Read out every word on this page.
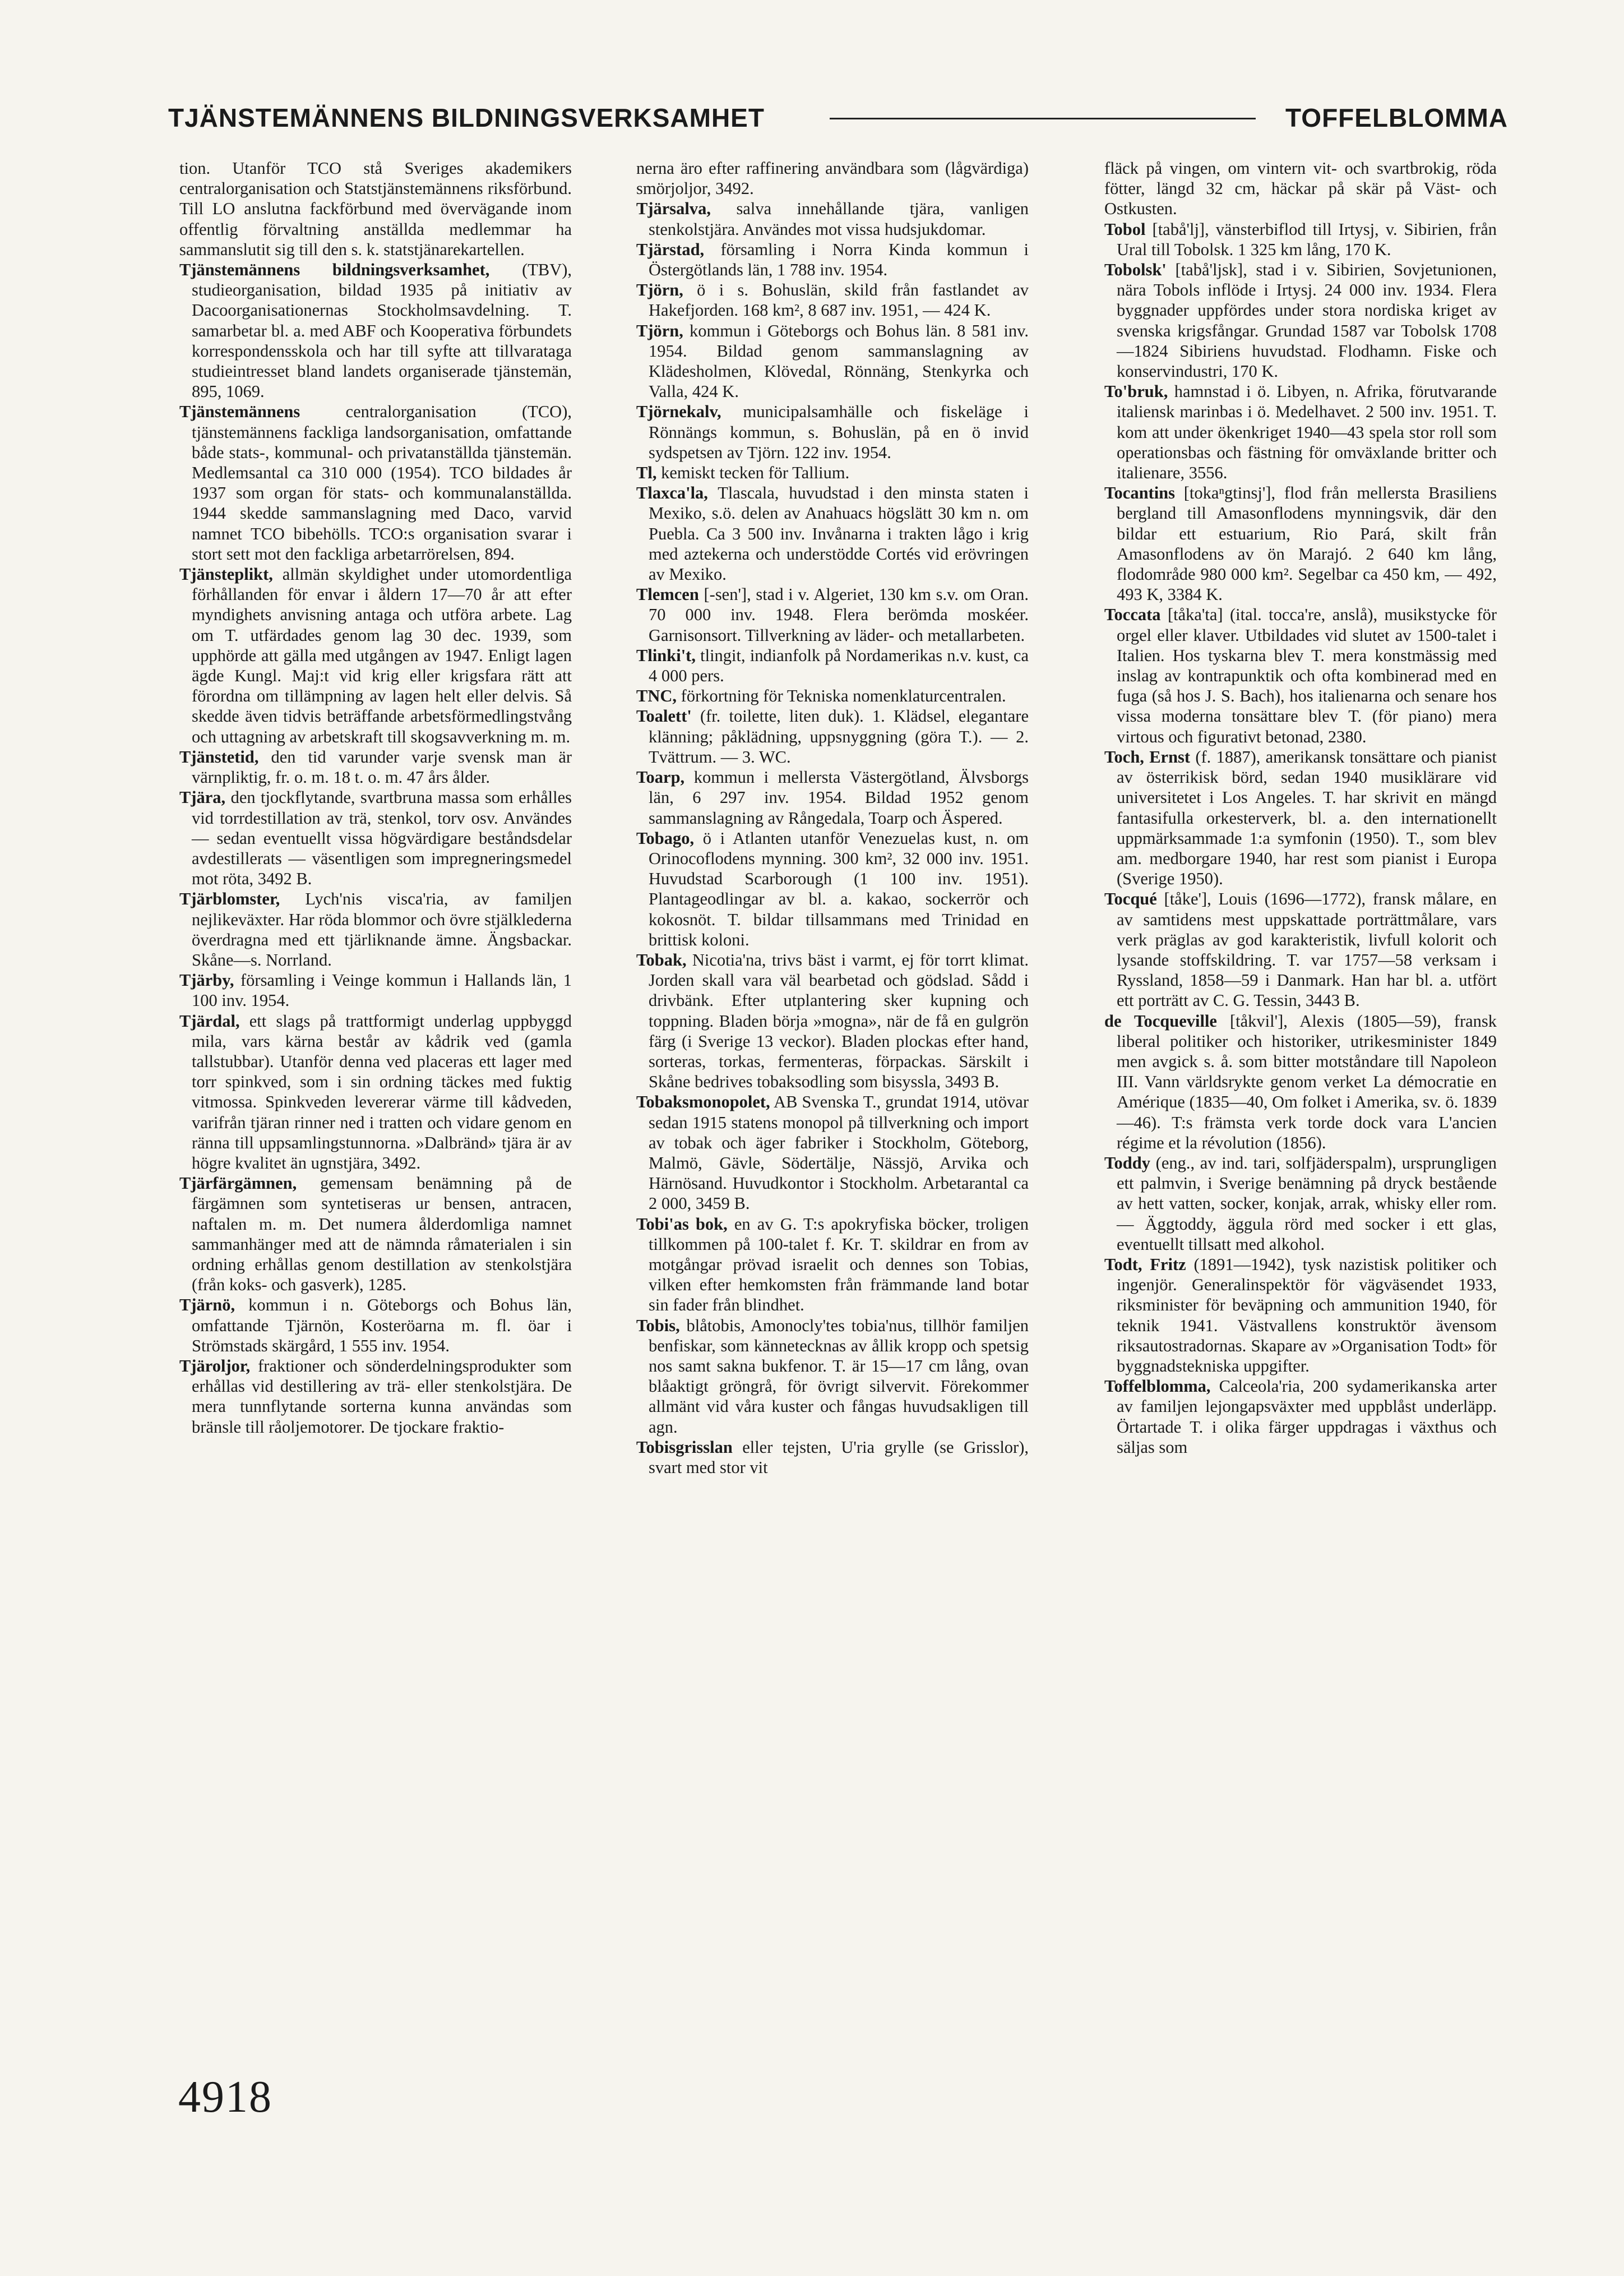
TJÄNSTEMÄNNENS BILDNINGSVERKSAMHET	TOFFELBLOMMA

tion. Utanför TCO stå Sveriges akademikers centralorganisation och Statstjänstemännens riksförbund. Till LO anslutna fackförbund med övervägande inom offentlig förvaltning anställda medlemmar ha sammanslutit sig till den s. k. statstjänarekartellen.

Tjänstemännens bildningsverksamhet, (TBV), studieorganisation, bildad 1935 på initiativ av Dacoorganisationernas Stockholmsavdelning. T. samarbetar bl. a. med ABF och Kooperativa förbundets korrespondensskola och har till syfte att tillvarataga studieintresset bland landets organiserade tjänstemän, 895, 1069.

Tjänstemännens	centralorganisation (TCO), tjänstemännens fackliga landsorganisation, omfattande både stats-, kommunal- och privatanställda tjänstemän. Medlemsantal ca 310 000 (1954). TCO bildades år 1937 som organ för stats- och kommunalanställda. 1944 skedde sammanslagning med Daco, varvid namnet TCO bibehölls. TCO:s organisation svarar i stort sett mot den fackliga arbetarrörelsen, 894.

Tjänsteplikt, allmän skyldighet under utomordentliga förhållanden för envar i åldern 17—70 år att efter myndighets anvisning antaga och utföra arbete. Lag om T. utfärdades genom lag 30 dec. 1939, som upphörde att gälla med utgången av 1947. Enligt lagen ägde Kungl. Maj:t vid krig eller krigsfara rätt att förordna om tillämpning av lagen helt eller delvis. Så skedde även tidvis beträffande arbetsförmedlingstvång och uttagning av arbetskraft till skogsavverkning m. m.

Tjänstetid, den tid varunder varje svensk man är värnpliktig, fr. o. m. 18 t. o. m. 47 års ålder.

Tjära, den tjockflytande, svartbruna massa som erhålles vid torrdestillation av trä, stenkol, torv osv. Användes — sedan eventuellt vissa högvärdigare beståndsdelar avdestillerats — väsentligen som impregneringsmedel mot röta, 3492 B.

Tjärblomster, Lych'nis visca'ria, av familjen nejlikeväxter. Har röda blommor och övre stjälklederna överdragna med ett tjärliknande ämne. Ängsbackar. Skåne—s. Norrland.

Tjärby, församling i Veinge kommun i Hallands län, 1 100 inv. 1954.

Tjärdal, ett slags på trattformigt underlag uppbyggd mila, vars kärna består av kådrik ved (gamla tallstubbar). Utanför denna ved placeras ett lager med torr spinkved, som i sin ordning täckes med fuktig vitmossa. Spinkveden levererar värme till kådveden, varifrån tjäran rinner ned i tratten och vidare genom en ränna till uppsamlingstunnorna. »Dalbränd» tjära är av högre kvalitet än ugnstjära, 3492.

Tjärfärgämnen, gemensam benämning på de färgämnen som syntetiseras ur bensen, antracen, naftalen m. m. Det numera ålderdomliga namnet sammanhänger med att de nämnda råmaterialen i sin ordning erhållas genom destillation av stenkolstjära (från koks- och gasverk), 1285.

Tjärnö, kommun i n. Göteborgs och Bohus län, omfattande Tjärnön, Kosteröarna m. fl. öar i Strömstads skärgård, 1 555 inv. 1954.

Tjäroljor, fraktioner och sönderdelningsprodukter som erhållas vid destillering av trä- eller stenkolstjära. De mera tunnflytande sorterna kunna användas som bränsle till råoljemotorer. De tjockare fraktio-

nerna äro efter raffinering användbara som (lågvärdiga) smörjoljor, 3492.

Tjärsalva, salva innehållande tjära, vanligen stenkolstjära. Användes mot vissa hudsjukdomar.

Tjärstad, församling i Norra Kinda kommun i Östergötlands län, 1 788 inv. 1954.

Tjörn, ö i s. Bohuslän, skild från fastlandet av Hakefjorden. 168 km², 8 687 inv. 1951, — 424 K.

Tjörn, kommun i Göteborgs och Bohus län. 8 581 inv. 1954. Bildad genom sammanslagning av Klädesholmen, Klövedal, Rönnäng, Stenkyrka och Valla, 424 K.

Tjörnekalv, municipalsamhälle och fiskeläge i Rönnängs kommun, s. Bohuslän, på en ö invid sydspetsen av Tjörn. 122 inv. 1954.

Tl, kemiskt tecken för Tallium.

Tlaxca'la, Tlascala, huvudstad i den minsta staten i Mexiko, s.ö. delen av Anahuacs högslätt 30 km n. om Puebla. Ca 3 500 inv. Invånarna i trakten lågo i krig med aztekerna och understödde Cortés vid erövringen av Mexiko.

Tlemcen [-sen'], stad i v. Algeriet, 130 km s.v. om Oran. 70 000 inv. 1948. Flera berömda moskéer. Garnisonsort. Tillverkning av läder- och metallarbeten.

Tlinki't, tlingit, indianfolk på Nordamerikas n.v. kust, ca 4 000 pers.

TNC, förkortning för Tekniska nomenklaturcentralen.

Toalett' (fr. toilette, liten duk). 1. Klädsel, elegantare klänning; påklädning, uppsnyggning (göra T.). — 2. Tvättrum. — 3. WC.

Toarp, kommun i mellersta Västergötland, Älvsborgs län, 6 297 inv. 1954. Bildad 1952 genom sammanslagning av Rångedala, Toarp och Äspered.

Tobago, ö i Atlanten utanför Venezuelas kust, n. om Orinocoflodens mynning. 300 km², 32 000 inv. 1951. Huvudstad Scarborough (1 100 inv. 1951). Plantageodlingar av bl. a. kakao, sockerrör och kokosnöt. T. bildar tillsammans med Trinidad en brittisk koloni.

Tobak, Nicotia'na, trivs bäst i varmt, ej för torrt klimat. Jorden skall vara väl bearbetad och gödslad. Sådd i drivbänk. Efter utplantering sker kupning och toppning. Bladen börja »mogna», när de få en gulgrön färg (i Sverige 13 veckor). Bladen plockas efter hand, sorteras, torkas, fermenteras, förpackas. Särskilt i Skåne bedrives tobaksodling som bisyssla, 3493 B.

Tobaksmonopolet, AB Svenska T., grundat 1914, utövar sedan 1915 statens monopol på tillverkning och import av tobak och äger fabriker i Stockholm, Göteborg, Malmö, Gävle, Södertälje, Nässjö, Arvika och Härnösand. Huvudkontor i Stockholm. Arbetarantal ca 2 000, 3459 B.

Tobi'as bok, en av G. T:s apokryfiska böcker, troligen tillkommen på 100-talet f. Kr. T. skildrar en from av motgångar prövad israelit och dennes son Tobias, vilken efter hemkomsten från främmande land botar sin fader från blindhet.

Tobis, blåtobis, Amonocly'tes tobia'nus, tillhör familjen benfiskar, som kännetecknas av ållik kropp och spetsig nos samt sakna bukfenor. T. är 15—17 cm lång, ovan blåaktigt gröngrå, för övrigt silvervit. Förekommer allmänt vid våra kuster och fångas huvudsakligen till agn.

Tobisgrisslan eller tejsten, U'ria grylle (se Grisslor), svart med stor vit

fläck på vingen, om vintern vit- och svartbrokig, röda fötter, längd 32 cm, häckar på skär på Väst- och Ostkusten.

Tobol [tabå'lj], vänsterbiflod till Irtysj, v. Sibirien, från Ural till Tobolsk. 1 325 km lång, 170 K.

Tobolsk' [tabå'ljsk], stad i v. Sibirien, Sovjetunionen, nära Tobols inflöde i Irtysj. 24 000 inv. 1934. Flera byggnader uppfördes under stora nordiska kriget av svenska krigsfångar. Grundad 1587 var Tobolsk 1708—1824 Sibiriens huvudstad. Flodhamn. Fiske och konservindustri, 170 K.

To'bruk, hamnstad i ö. Libyen, n. Afrika, förutvarande italiensk marinbas i ö. Medelhavet. 2 500 inv. 1951. T. kom att under ökenkriget 1940—43 spela stor roll som operationsbas och fästning för omväxlande britter och italienare, 3556.

Tocantins [tokaⁿgtinsj'], flod från mellersta Brasiliens bergland till Amasonflodens mynningsvik, där den bildar ett estuarium, Rio Pará, skilt från Amasonflodens av ön Marajó. 2 640 km lång, flodområde 980 000 km². Segelbar ca 450 km, — 492, 493 K, 3384 K.

Toccata [tåka'ta] (ital. tocca're, anslå), musikstycke för orgel eller klaver. Utbildades vid slutet av 1500-talet i Italien. Hos tyskarna blev T. mera konstmässig med inslag av kontrapunktik och ofta kombinerad med en fuga (så hos J. S. Bach), hos italienarna och senare hos vissa moderna tonsättare blev T. (för piano) mera virtous och figurativt betonad, 2380.

Toch, Ernst (f. 1887), amerikansk tonsättare och pianist av österrikisk börd, sedan 1940 musiklärare vid universitetet i Los Angeles. T. har skrivit en mängd fantasifulla orkesterverk, bl. a. den internationellt uppmärksammade 1:a symfonin (1950). T., som blev am. medborgare 1940, har rest som pianist i Europa (Sverige 1950).

Tocqué [tåke'], Louis (1696—1772), fransk målare, en av samtidens mest uppskattade porträttmålare, vars verk präglas av god karakteristik, livfull kolorit och lysande stoffskildring. T. var 1757—58 verksam i Ryssland, 1858—59 i Danmark. Han har bl. a. utfört ett porträtt av C. G. Tessin, 3443 B.

de Tocqueville [tåkvil'], Alexis (1805—59), fransk liberal politiker och historiker, utrikesminister 1849 men avgick s. å. som bitter motståndare till Napoleon III. Vann världsrykte genom verket La démocratie en Amérique (1835—40, Om folket i Amerika, sv. ö. 1839—46). T:s främsta verk torde dock vara L'ancien régime et la révolution (1856).

Toddy (eng., av ind. tari, solfjäderspalm), ursprungligen ett palmvin, i Sverige benämning på dryck bestående av hett vatten, socker, konjak, arrak, whisky eller rom. — Äggtoddy, äggula rörd med socker i ett glas, eventuellt tillsatt med alkohol.

Todt, Fritz (1891—1942), tysk nazistisk politiker och ingenjör. Generalinspektör för vägväsendet 1933, riksminister för beväpning och ammunition 1940, för teknik 1941. Västvallens konstruktör ävensom riksautostradornas. Skapare av »Organisation Todt» för byggnadstekniska uppgifter.

Toffelblomma, Calceola'ria, 200 sydamerikanska arter av familjen lejongapsväxter med uppblåst underläpp. Örtartade T. i olika färger uppdragas i växthus och säljas som

4918
